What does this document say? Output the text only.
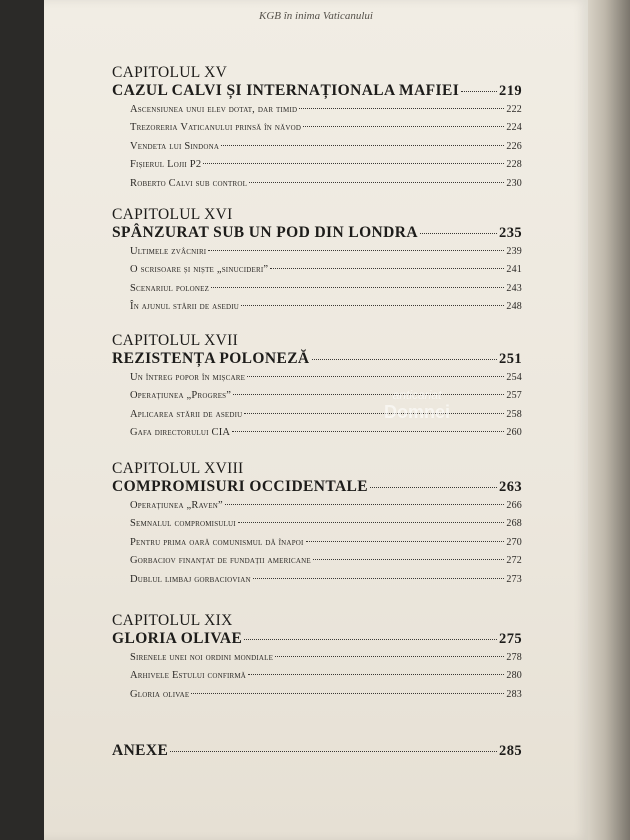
KGB în inima Vaticanului
CAPITOLUL XV
CAZUL CALVI ȘI INTERNAȚIONALA MAFIEI	219
Ascensiunea unui elev dotat, dar timid	222
Trezoreria Vaticanului prinsă în năvod	224
Vendeta lui Sindona	226
Fișierul Lojii P2	228
Roberto Calvi sub control	230
CAPITOLUL XVI
SPÂNZURAT SUB UN POD DIN LONDRA	235
Ultimele zvâcniri	239
O scrisoare și niște „sinucideri”	241
Scenariul polonez	243
În ajunul stării de asediu	248
CAPITOLUL XVII
REZISTENȚA POLONEZĂ	251
Un întreg popor în mișcare	254
Operațiunea „Progres”	257
Aplicarea stării de asediu	258
Gafa directorului CIA	260
CAPITOLUL XVIII
COMPROMISURI OCCIDENTALE	263
Operațiunea „Raven”	266
Semnalul compromisului	268
Pentru prima oară comunismul dă înapoi	270
Gorbaciov finanțat de fundații americane	272
Dublul limbaj gorbaciovian	273
CAPITOLUL XIX
GLORIA OLIVAE	275
Sirenele unei noi ordini mondiale	278
Arhivele Estului confirmă	280
Gloria olivae	283
ANEXE	285
anticariat
Domnei
